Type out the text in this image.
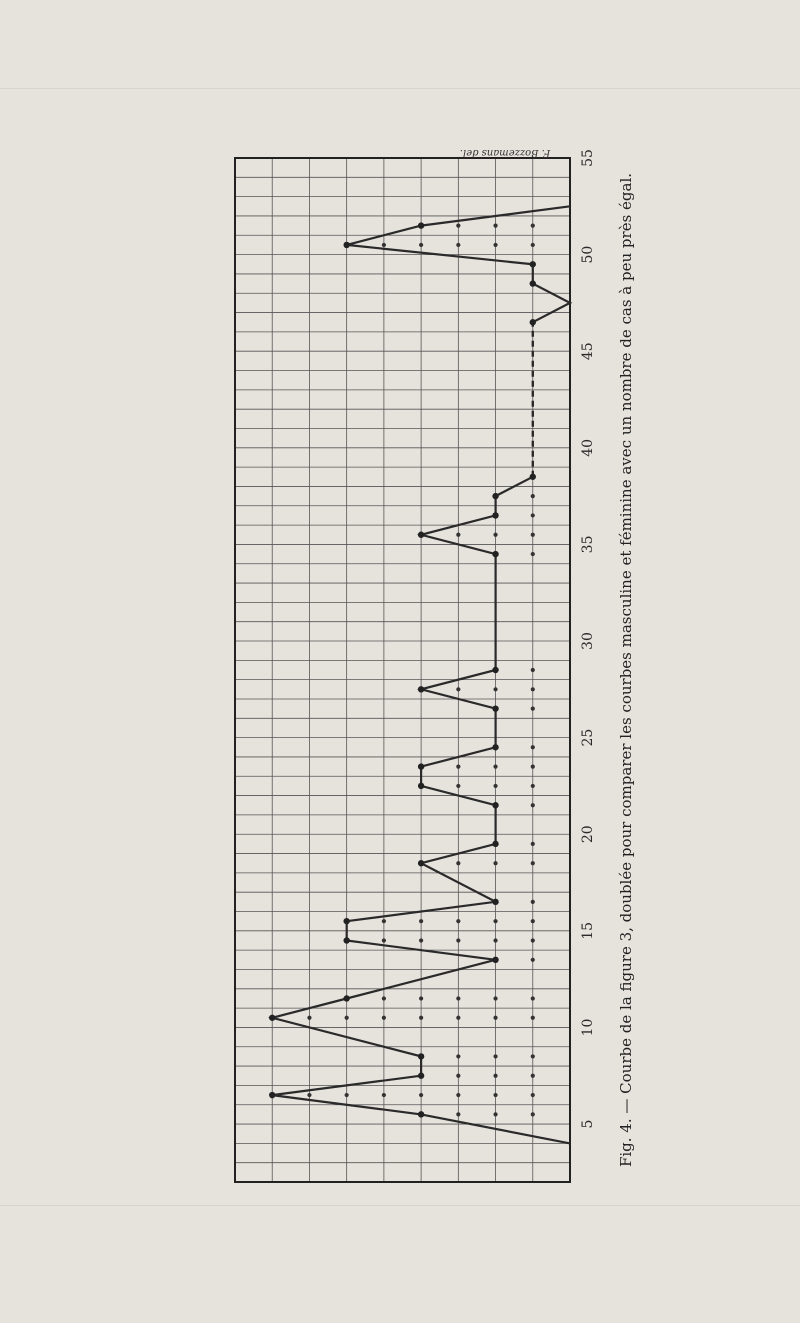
5
10
15
20
25
30
35
40
45
50
55
F. Bozzemans del.
Fig. 4. — Courbe de la figure 3, doublée pour comparer les courbes masculine et féminine avec un nombre de cas à peu près égal.
